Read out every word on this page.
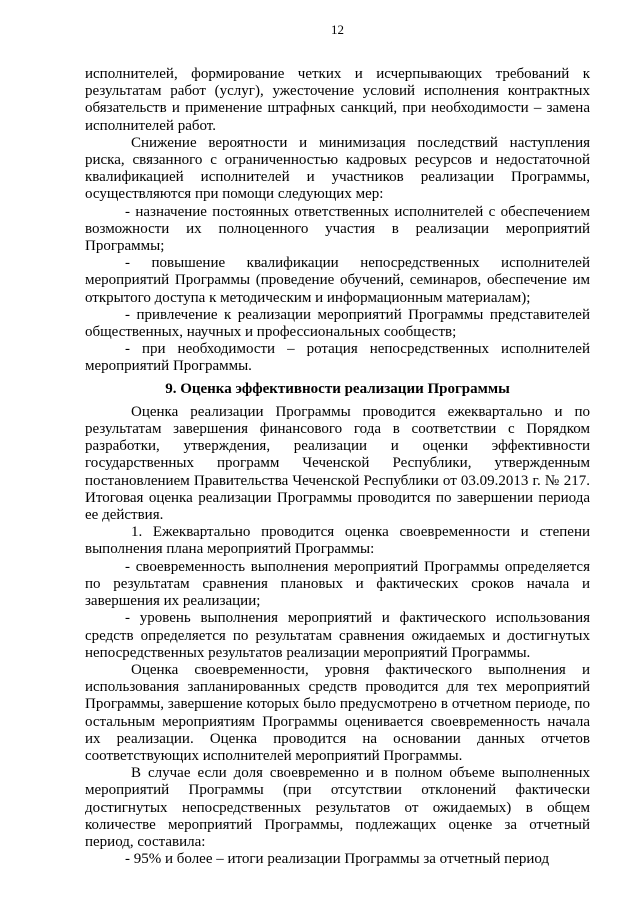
12

исполнителей, формирование четких и исчерпывающих требований к результатам работ (услуг), ужесточение условий исполнения контрактных обязательств и применение штрафных санкций, при необходимости – замена исполнителей работ.

Снижение вероятности и минимизация последствий наступления риска, связанного с ограниченностью кадровых ресурсов и недостаточной квалификацией исполнителей и участников реализации Программы, осуществляются при помощи следующих мер:

- назначение постоянных ответственных исполнителей с обеспечением возможности их полноценного участия в реализации мероприятий Программы;

- повышение квалификации непосредственных исполнителей мероприятий Программы (проведение обучений, семинаров, обеспечение им открытого доступа к методическим и информационным материалам);

- привлечение к реализации мероприятий Программы представителей общественных, научных и профессиональных сообществ;

- при необходимости – ротация непосредственных исполнителей мероприятий Программы.

9. Оценка эффективности реализации Программы

Оценка реализации Программы проводится ежеквартально и по результатам завершения финансового года в соответствии с Порядком разработки, утверждения, реализации и оценки эффективности государственных программ Чеченской Республики, утвержденным постановлением Правительства Чеченской Республики от 03.09.2013 г. № 217. Итоговая оценка реализации Программы проводится по завершении периода ее действия.

1. Ежеквартально проводится оценка своевременности и степени выполнения плана мероприятий Программы:

- своевременность выполнения мероприятий Программы определяется по результатам сравнения плановых и фактических сроков начала и завершения их реализации;

- уровень выполнения мероприятий и фактического использования средств определяется по результатам сравнения ожидаемых и достигнутых непосредственных результатов реализации мероприятий Программы.

Оценка своевременности, уровня фактического выполнения и использования запланированных средств проводится для тех мероприятий Программы, завершение которых было предусмотрено в отчетном периоде, по остальным мероприятиям Программы оценивается своевременность начала их реализации. Оценка проводится на основании данных отчетов соответствующих исполнителей мероприятий Программы.

В случае если доля своевременно и в полном объеме выполненных мероприятий Программы (при отсутствии отклонений фактически достигнутых непосредственных результатов от ожидаемых) в общем количестве мероприятий Программы, подлежащих оценке за отчетный период, составила:

- 95% и более – итоги реализации Программы за отчетный период
